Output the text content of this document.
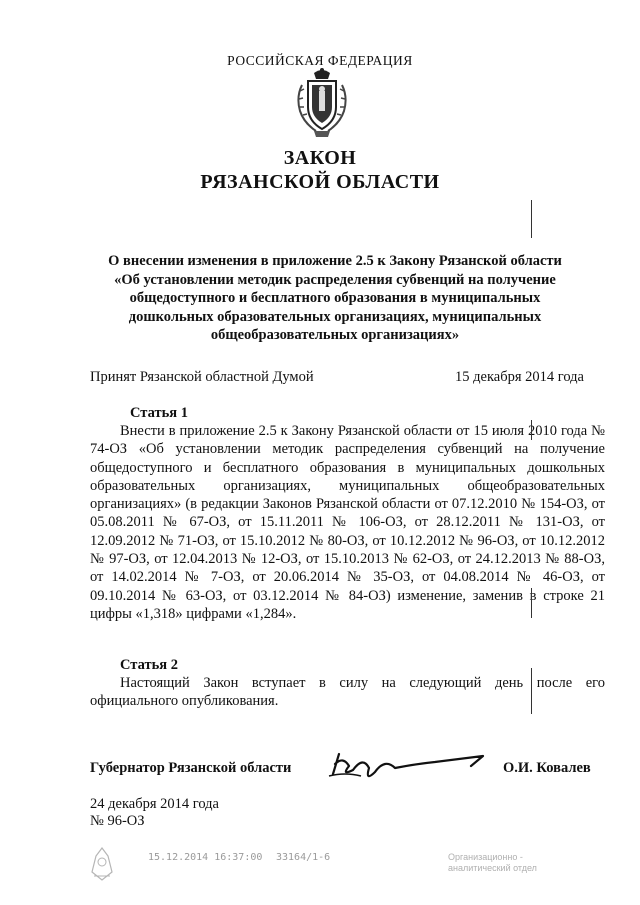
РОССИЙСКАЯ ФЕДЕРАЦИЯ
ЗАКОН
РЯЗАНСКОЙ ОБЛАСТИ
О внесении изменения в приложение 2.5 к Закону Рязанской области
«Об установлении методик распределения субвенций на получение
общедоступного и бесплатного образования в муниципальных
дошкольных образовательных организациях, муниципальных
общеобразовательных организациях»
Принят Рязанской областной Думой	15 декабря 2014 года
Статья 1

Внести в приложение 2.5 к Закону Рязанской области от 15 июля 2010 года № 74-ОЗ «Об установлении методик распределения субвенций на получение общедоступного и бесплатного образования в муниципальных дошкольных образовательных организациях, муниципальных общеобразовательных организациях» (в редакции Законов Рязанской области от 07.12.2010 № 154-ОЗ, от 05.08.2011 № 67-ОЗ, от 15.11.2011 № 106-ОЗ, от 28.12.2011 № 131-ОЗ, от 12.09.2012 № 71-ОЗ, от 15.10.2012 № 80-ОЗ, от 10.12.2012 № 96-ОЗ, от 10.12.2012 № 97-ОЗ, от 12.04.2013 № 12-ОЗ, от 15.10.2013 № 62-ОЗ, от 24.12.2013 № 88-ОЗ, от 14.02.2014 № 7-ОЗ, от 20.06.2014 № 35-ОЗ, от 04.08.2014 № 46-ОЗ, от 09.10.2014 № 63-ОЗ, от 03.12.2014 № 84-ОЗ) изменение, заменив в строке 21 цифры «1,318» цифрами «1,284».

Статья 2

Настоящий Закон вступает в силу на следующий день после его официального опубликования.

Губернатор Рязанской области	О.И. Ковалев
24 декабря 2014 года
№ 96-ОЗ
15.12.2014 16:37:00 33164/1-6	Организационно -
аналитический отдел
